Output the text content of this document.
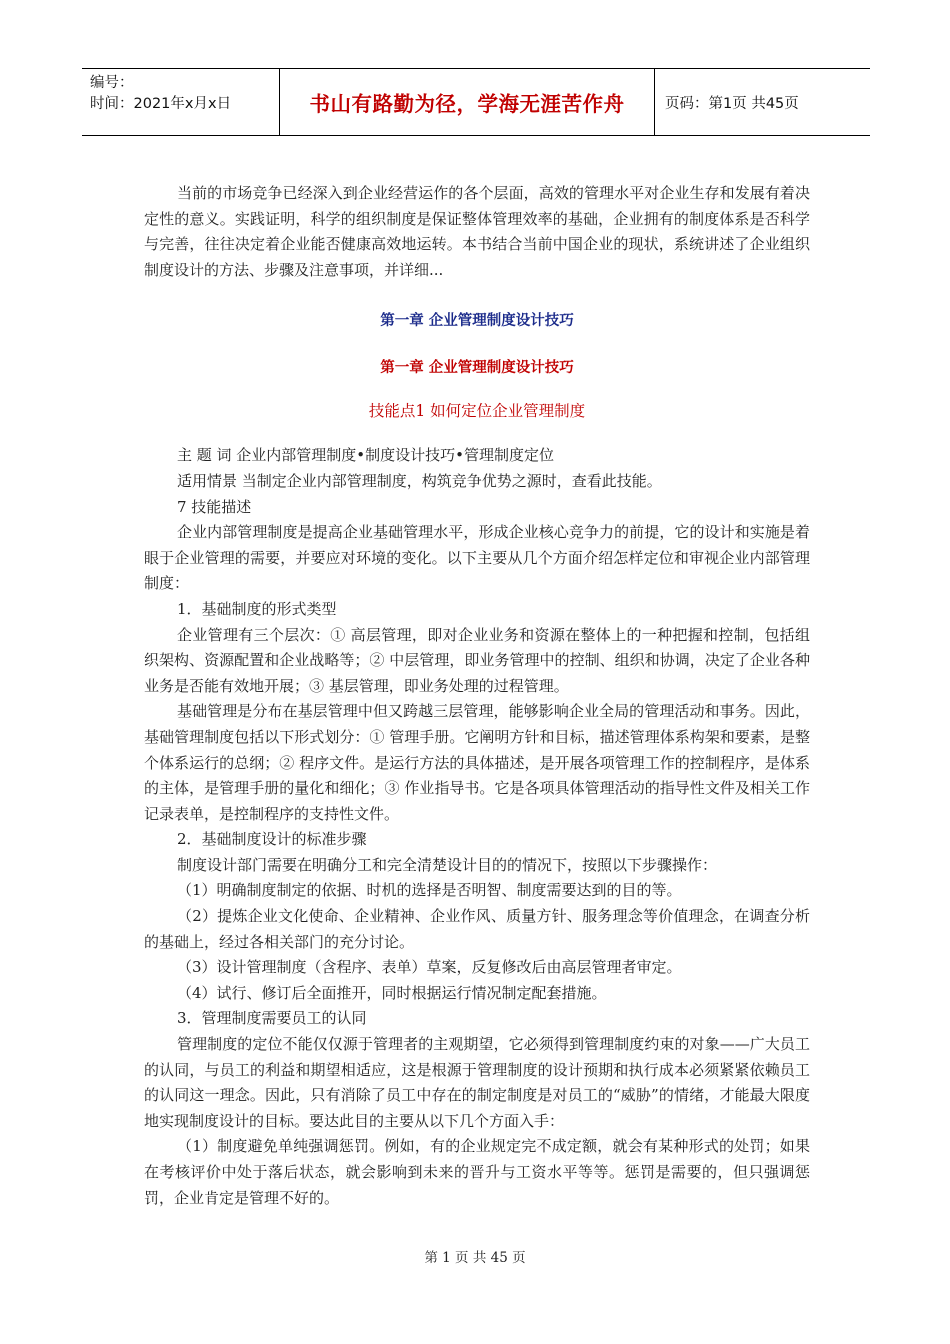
编号：
时间：2021年x月x日	书山有路勤为径，学海无涯苦作舟	页码：第1页 共45页

当前的市场竞争已经深入到企业经营运作的各个层面，高效的管理水平对企业生存和发展有着决定性的意义。实践证明，科学的组织制度是保证整体管理效率的基础，企业拥有的制度体系是否科学与完善，往往决定着企业能否健康高效地运转。本书结合当前中国企业的现状，系统讲述了企业组织制度设计的方法、步骤及注意事项，并详细...

第一章 企业管理制度设计技巧
第一章 企业管理制度设计技巧
技能点1 如何定位企业管理制度

主 题 词 企业内部管理制度•制度设计技巧•管理制度定位

适用情景 当制定企业内部管理制度，构筑竞争优势之源时，查看此技能。

7 技能描述

企业内部管理制度是提高企业基础管理水平，形成企业核心竞争力的前提，它的设计和实施是着眼于企业管理的需要，并要应对环境的变化。以下主要从几个方面介绍怎样定位和审视企业内部管理制度：

1．基础制度的形式类型

企业管理有三个层次：① 高层管理，即对企业业务和资源在整体上的一种把握和控制，包括组织架构、资源配置和企业战略等；② 中层管理，即业务管理中的控制、组织和协调，决定了企业各种业务是否能有效地开展；③ 基层管理，即业务处理的过程管理。

基础管理是分布在基层管理中但又跨越三层管理，能够影响企业全局的管理活动和事务。因此，基础管理制度包括以下形式划分：① 管理手册。它阐明方针和目标，描述管理体系构架和要素，是整个体系运行的总纲；② 程序文件。是运行方法的具体描述，是开展各项管理工作的控制程序，是体系的主体，是管理手册的量化和细化；③ 作业指导书。它是各项具体管理活动的指导性文件及相关工作记录表单，是控制程序的支持性文件。

2．基础制度设计的标准步骤

制度设计部门需要在明确分工和完全清楚设计目的的情况下，按照以下步骤操作：

（1）明确制度制定的依据、时机的选择是否明智、制度需要达到的目的等。

（2）提炼企业文化使命、企业精神、企业作风、质量方针、服务理念等价值理念，在调查分析的基础上，经过各相关部门的充分讨论。

（3）设计管理制度（含程序、表单）草案，反复修改后由高层管理者审定。

（4）试行、修订后全面推开，同时根据运行情况制定配套措施。

3．管理制度需要员工的认同

管理制度的定位不能仅仅源于管理者的主观期望，它必须得到管理制度约束的对象——广大员工的认同，与员工的利益和期望相适应，这是根源于管理制度的设计预期和执行成本必须紧紧依赖员工的认同这一理念。因此，只有消除了员工中存在的制定制度是对员工的“威胁”的情绪，才能最大限度地实现制度设计的目标。要达此目的主要从以下几个方面入手：

（1）制度避免单纯强调惩罚。例如，有的企业规定完不成定额，就会有某种形式的处罚；如果在考核评价中处于落后状态，就会影响到未来的晋升与工资水平等等。惩罚是需要的，但只强调惩罚，企业肯定是管理不好的。

第 1 页 共 45 页
